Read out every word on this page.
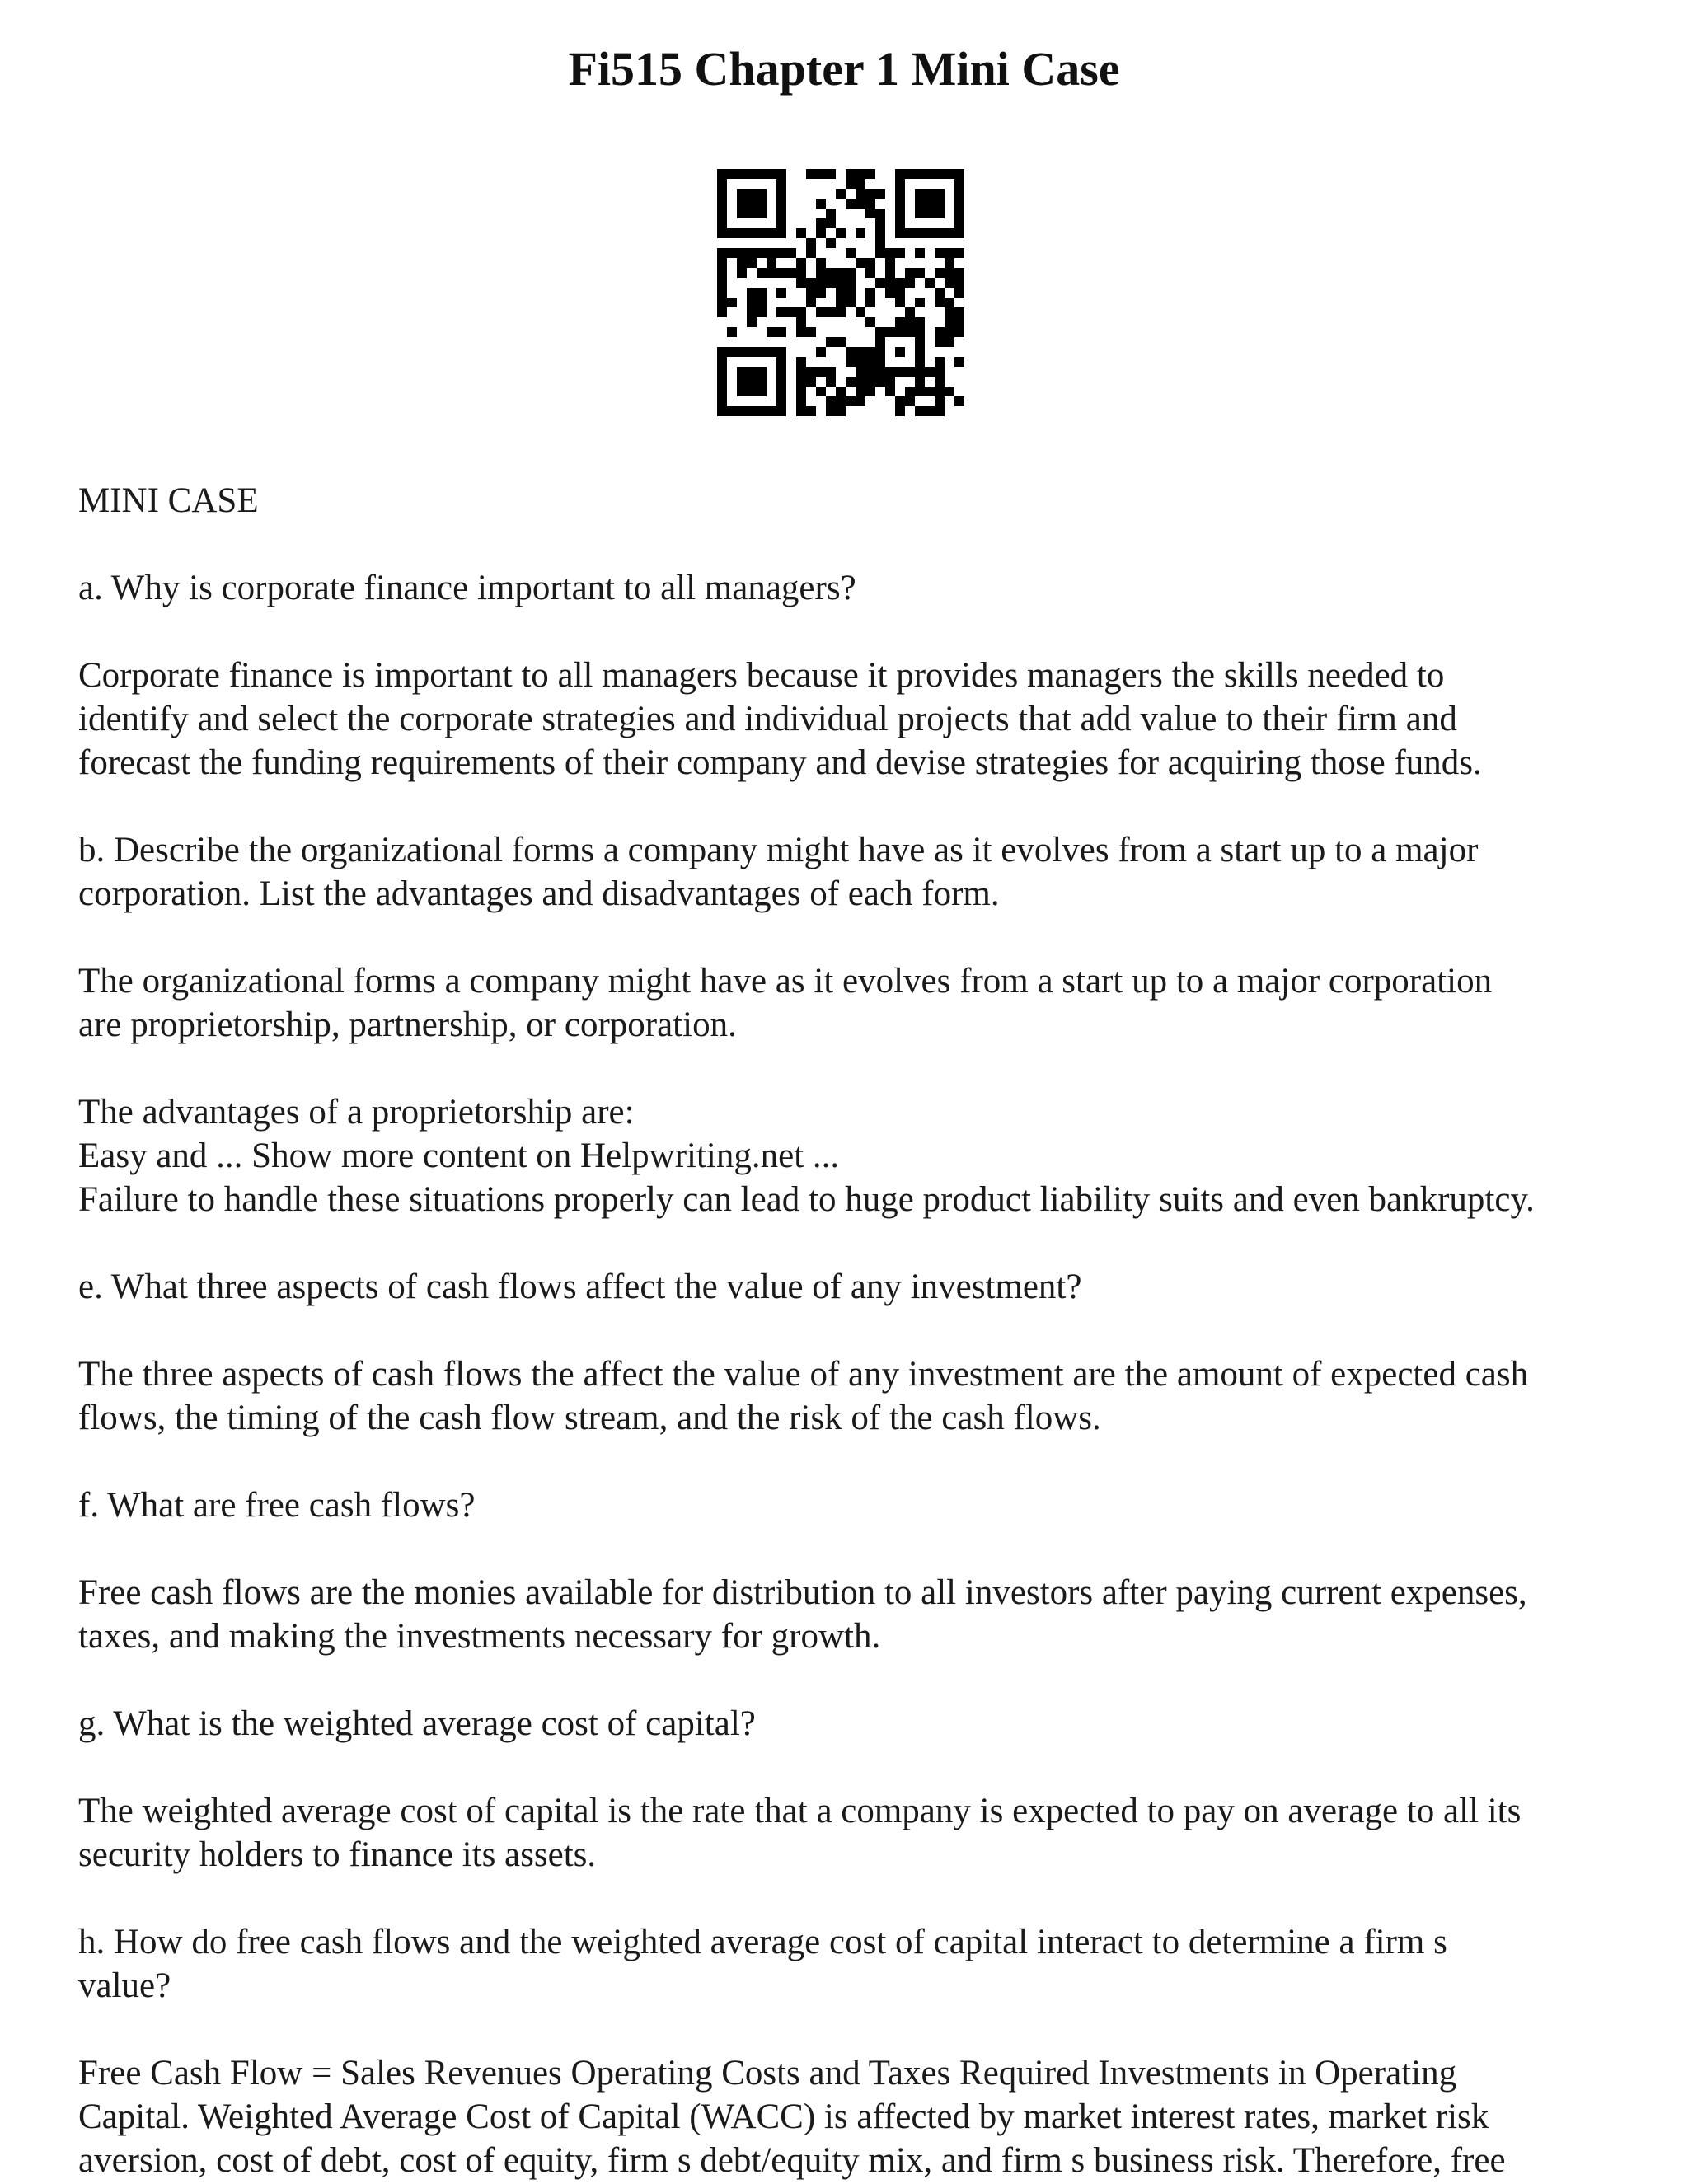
Fi515 Chapter 1 Mini Case

MINI CASE

a. Why is corporate finance important to all managers?

Corporate finance is important to all managers because it provides managers the skills needed to
identify and select the corporate strategies and individual projects that add value to their firm and
forecast the funding requirements of their company and devise strategies for acquiring those funds.

b. Describe the organizational forms a company might have as it evolves from a start up to a major
corporation. List the advantages and disadvantages of each form.

The organizational forms a company might have as it evolves from a start up to a major corporation
are proprietorship, partnership, or corporation.

The advantages of a proprietorship are:
Easy and ... Show more content on Helpwriting.net ...
Failure to handle these situations properly can lead to huge product liability suits and even bankruptcy.

e. What three aspects of cash flows affect the value of any investment?

The three aspects of cash flows the affect the value of any investment are the amount of expected cash
flows, the timing of the cash flow stream, and the risk of the cash flows.

f. What are free cash flows?

Free cash flows are the monies available for distribution to all investors after paying current expenses,
taxes, and making the investments necessary for growth.

g. What is the weighted average cost of capital?

The weighted average cost of capital is the rate that a company is expected to pay on average to all its
security holders to finance its assets.

h. How do free cash flows and the weighted average cost of capital interact to determine a firm s
value?

Free Cash Flow = Sales Revenues Operating Costs and Taxes Required Investments in Operating
Capital. Weighted Average Cost of Capital (WACC) is affected by market interest rates, market risk
aversion, cost of debt, cost of equity, firm s debt/equity mix, and firm s business risk. Therefore, free
